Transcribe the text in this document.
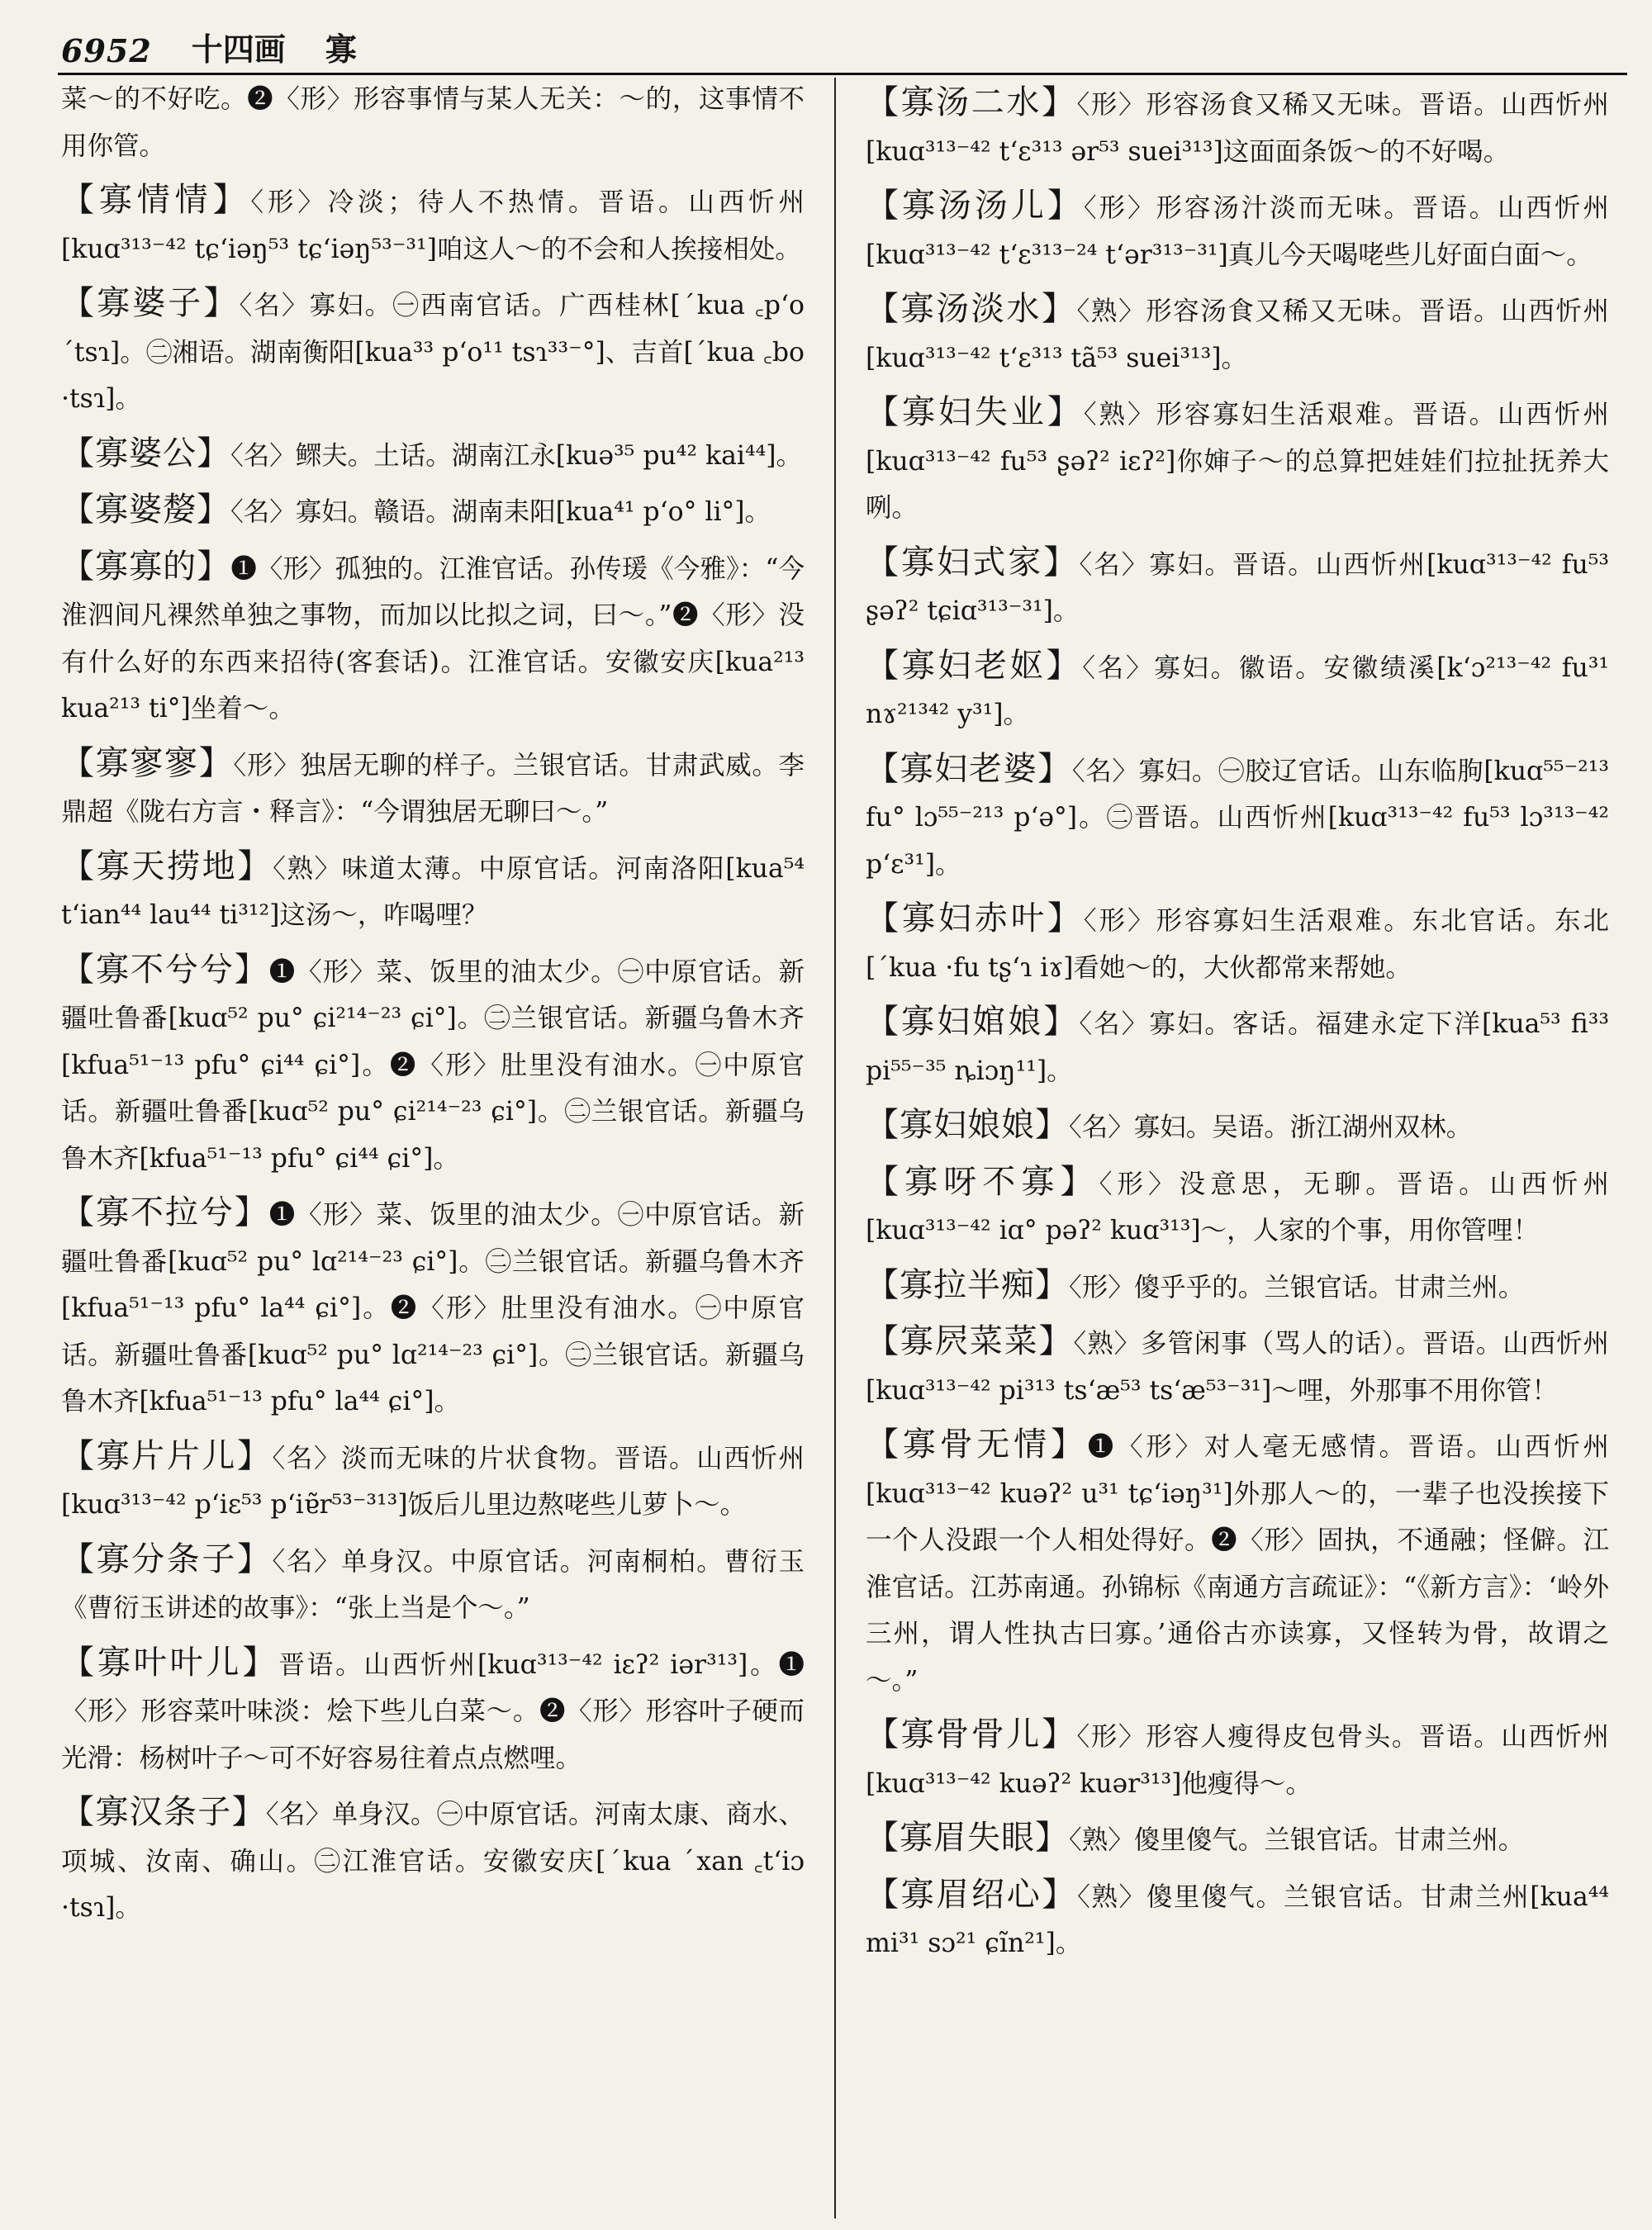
6952 十四画 寡

菜～的不好吃。❷〈形〉形容事情与某人无关：～的，这事情不用你管。

【寡情情】〈形〉冷淡；待人不热情。晋语。山西忻州[kuɑ³¹³⁻⁴² tɕʻiəŋ⁵³ tɕʻiəŋ⁵³⁻³¹]咱这人～的不会和人挨接相处。

【寡婆子】〈名〉寡妇。㊀西南官话。广西桂林[ˊkua ꜀pʻo ˊtsɿ]。㊁湘语。湖南衡阳[kua³³ pʻo¹¹ tsɿ³³⁻°]、吉首[ˊkua ꜀bo ·tsɿ]。

【寡婆公】〈名〉鳏夫。土话。湖南江永[kuə³⁵ pu⁴² kai⁴⁴]。

【寡婆嫠】〈名〉寡妇。赣语。湖南耒阳[kua⁴¹ pʻo° li°]。

【寡寡的】❶〈形〉孤独的。江淮官话。孙传瑗《今雅》：“今淮泗间凡裸然单独之事物，而加以比拟之词，曰～。”❷〈形〉没有什么好的东西来招待(客套话)。江淮官话。安徽安庆[kua²¹³ kua²¹³ ti°]坐着～。

【寡寥寥】〈形〉独居无聊的样子。兰银官话。甘肃武威。李鼎超《陇右方言・释言》：“今谓独居无聊曰～。”

【寡天捞地】〈熟〉味道太薄。中原官话。河南洛阳[kua⁵⁴ tʻian⁴⁴ lau⁴⁴ ti³¹²]这汤～，咋喝哩？

【寡不兮兮】❶〈形〉菜、饭里的油太少。㊀中原官话。新疆吐鲁番[kuɑ⁵² pu° ɕi²¹⁴⁻²³ ɕi°]。㊁兰银官话。新疆乌鲁木齐[kfua⁵¹⁻¹³ pfu° ɕi⁴⁴ ɕi°]。❷〈形〉肚里没有油水。㊀中原官话。新疆吐鲁番[kuɑ⁵² pu° ɕi²¹⁴⁻²³ ɕi°]。㊁兰银官话。新疆乌鲁木齐[kfua⁵¹⁻¹³ pfu° ɕi⁴⁴ ɕi°]。

【寡不拉兮】❶〈形〉菜、饭里的油太少。㊀中原官话。新疆吐鲁番[kuɑ⁵² pu° lɑ²¹⁴⁻²³ ɕi°]。㊁兰银官话。新疆乌鲁木齐[kfua⁵¹⁻¹³ pfu° la⁴⁴ ɕi°]。❷〈形〉肚里没有油水。㊀中原官话。新疆吐鲁番[kuɑ⁵² pu° lɑ²¹⁴⁻²³ ɕi°]。㊁兰银官话。新疆乌鲁木齐[kfua⁵¹⁻¹³ pfu° la⁴⁴ ɕi°]。

【寡片片儿】〈名〉淡而无味的片状食物。晋语。山西忻州[kuɑ³¹³⁻⁴² pʻiɛ⁵³ pʻiɐ̃r⁵³⁻³¹³]饭后儿里边熬咾些儿萝卜～。

【寡分条子】〈名〉单身汉。中原官话。河南桐柏。曹衍玉《曹衍玉讲述的故事》：“张上当是个～。”

【寡叶叶儿】晋语。山西忻州[kuɑ³¹³⁻⁴² iɛʔ² iər³¹³]。❶〈形〉形容菜叶味淡：烩下些儿白菜～。❷〈形〉形容叶子硬而光滑：杨树叶子～可不好容易往着点点燃哩。

【寡汉条子】〈名〉单身汉。㊀中原官话。河南太康、商水、项城、汝南、确山。㊁江淮官话。安徽安庆[ˊkua ˊxan ꜀tʻiɔ ·tsɿ]。

【寡汤二水】〈形〉形容汤食又稀又无味。晋语。山西忻州[kuɑ³¹³⁻⁴² tʻɛ³¹³ ər⁵³ suei³¹³]这面面条饭～的不好喝。

【寡汤汤儿】〈形〉形容汤汁淡而无味。晋语。山西忻州[kuɑ³¹³⁻⁴² tʻɛ³¹³⁻²⁴ tʻər³¹³⁻³¹]真儿今天喝咾些儿好面白面～。

【寡汤淡水】〈熟〉形容汤食又稀又无味。晋语。山西忻州[kuɑ³¹³⁻⁴² tʻɛ³¹³ tã⁵³ suei³¹³]。

【寡妇失业】〈熟〉形容寡妇生活艰难。晋语。山西忻州[kuɑ³¹³⁻⁴² fu⁵³ ʂəʔ² iɛʔ²]你婶子～的总算把娃娃们拉扯抚养大咧。

【寡妇式家】〈名〉寡妇。晋语。山西忻州[kuɑ³¹³⁻⁴² fu⁵³ ʂəʔ² tɕiɑ³¹³⁻³¹]。

【寡妇老妪】〈名〉寡妇。徽语。安徽绩溪[kʻɔ²¹³⁻⁴² fu³¹ nɤ²¹³⁴² y³¹]。

【寡妇老婆】〈名〉寡妇。㊀胶辽官话。山东临朐[kuɑ⁵⁵⁻²¹³ fu° lɔ⁵⁵⁻²¹³ pʻə°]。㊁晋语。山西忻州[kuɑ³¹³⁻⁴² fu⁵³ lɔ³¹³⁻⁴² pʻɛ³¹]。

【寡妇赤叶】〈形〉形容寡妇生活艰难。东北官话。东北[ˊkua ·fu tʂʻɿ iɤ]看她～的，大伙都常来帮她。

【寡妇婠娘】〈名〉寡妇。客话。福建永定下洋[kua⁵³ fi³³ pi⁵⁵⁻³⁵ ȵiɔŋ¹¹]。

【寡妇娘娘】〈名〉寡妇。吴语。浙江湖州双林。

【寡呀不寡】〈形〉没意思，无聊。晋语。山西忻州[kuɑ³¹³⁻⁴² iɑ° pəʔ² kuɑ³¹³]～，人家的个事，用你管哩！

【寡拉半痴】〈形〉傻乎乎的。兰银官话。甘肃兰州。

【寡屄菜菜】〈熟〉多管闲事（骂人的话）。晋语。山西忻州[kuɑ³¹³⁻⁴² pi³¹³ tsʻæ⁵³ tsʻæ⁵³⁻³¹]～哩，外那事不用你管！

【寡骨无情】❶〈形〉对人毫无感情。晋语。山西忻州[kuɑ³¹³⁻⁴² kuəʔ² u³¹ tɕʻiəŋ³¹]外那人～的，一辈子也没挨接下一个人没跟一个人相处得好。❷〈形〉固执，不通融；怪僻。江淮官话。江苏南通。孙锦标《南通方言疏证》：“《新方言》：‘岭外三州，谓人性执古曰寡。’通俗古亦读寡，又怪转为骨，故谓之～。”

【寡骨骨儿】〈形〉形容人瘦得皮包骨头。晋语。山西忻州[kuɑ³¹³⁻⁴² kuəʔ² kuər³¹³]他瘦得～。

【寡眉失眼】〈熟〉傻里傻气。兰银官话。甘肃兰州。

【寡眉绍心】〈熟〉傻里傻气。兰银官话。甘肃兰州[kua⁴⁴ mi³¹ sɔ²¹ ɕĩn²¹]。
